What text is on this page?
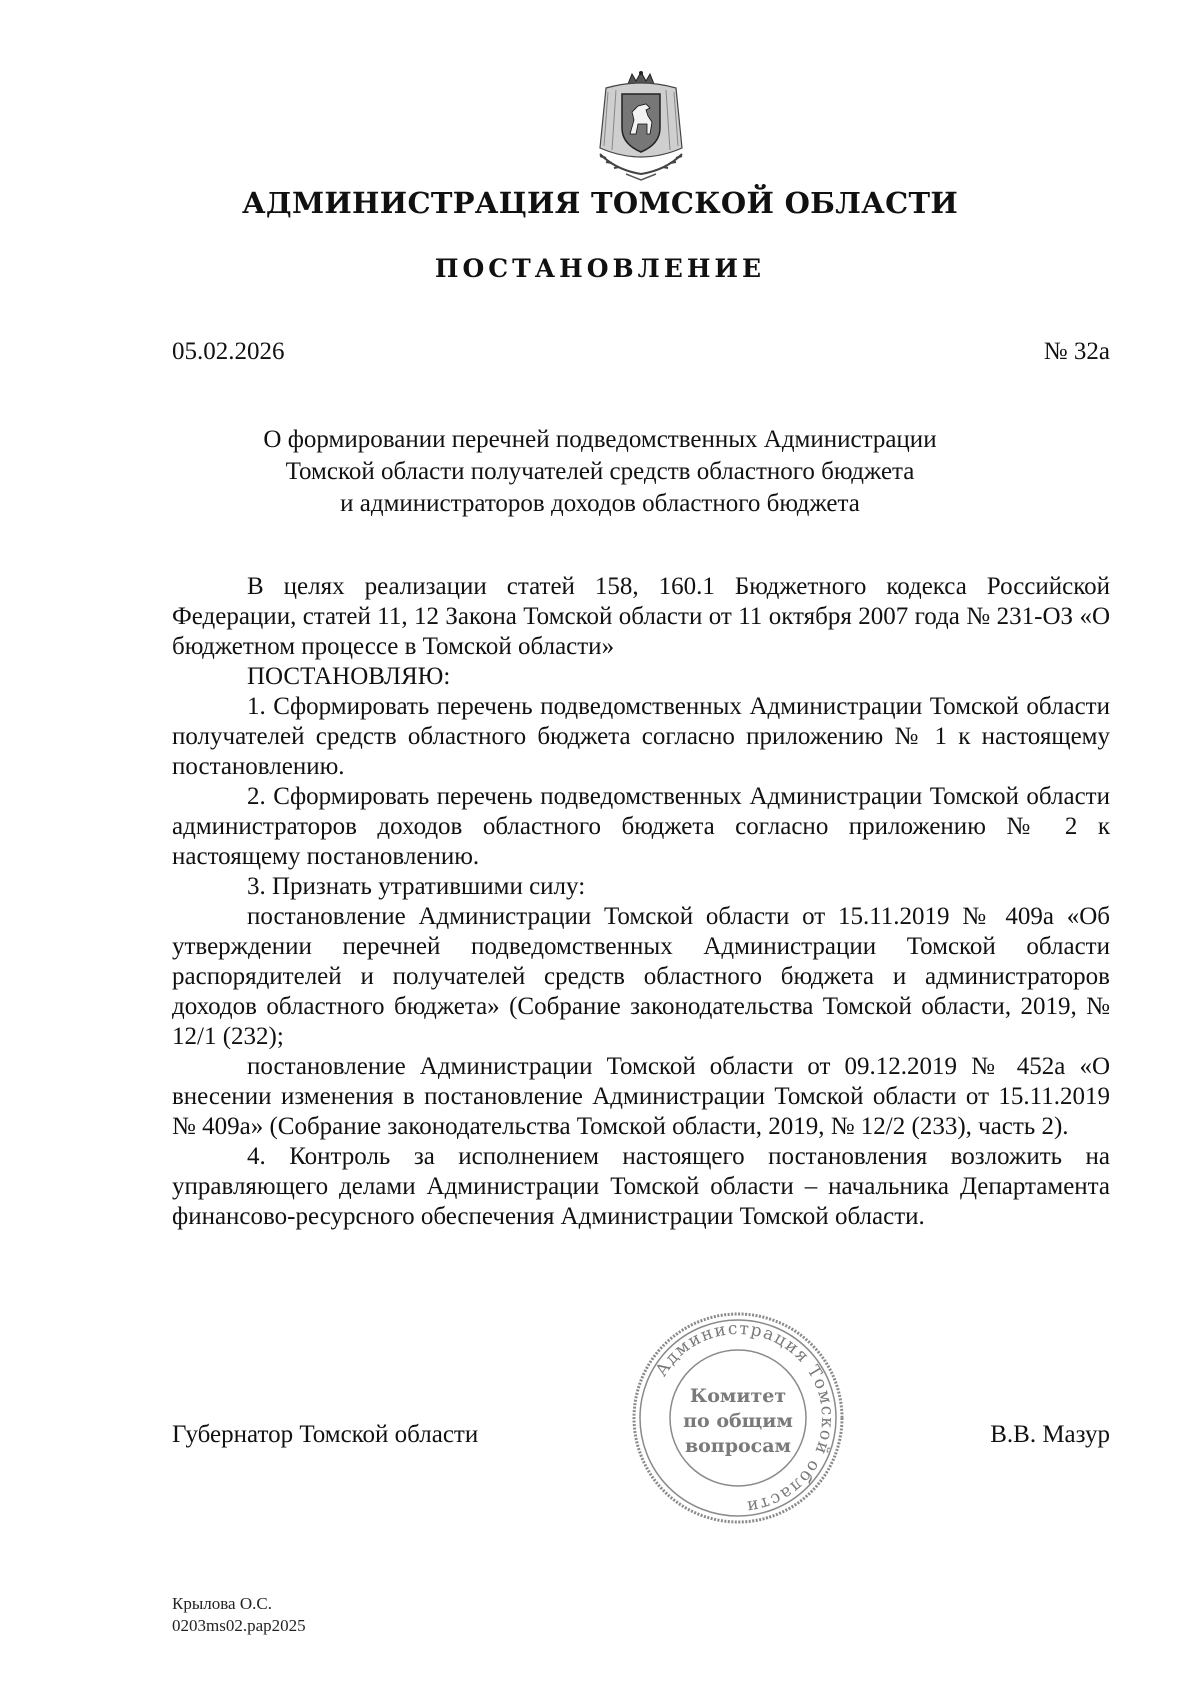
АДМИНИСТРАЦИЯ ТОМСКОЙ ОБЛАСТИ
ПОСТАНОВЛЕНИЕ
05.02.2026	№ 32а
О формировании перечней подведомственных Администрации
Томской области получателей средств областного бюджета
и администраторов доходов областного бюджета

В целях реализации статей 158, 160.1 Бюджетного кодекса Российской Федерации, статей 11, 12 Закона Томской области от 11 октября 2007 года № 231-ОЗ «О бюджетном процессе в Томской области»

ПОСТАНОВЛЯЮ:

1. Сформировать перечень подведомственных Администрации Томской области получателей средств областного бюджета согласно приложению № 1 к настоящему постановлению.

2. Сформировать перечень подведомственных Администрации Томской области администраторов доходов областного бюджета согласно приложению № 2 к настоящему постановлению.

3. Признать утратившими силу:

постановление Администрации Томской области от 15.11.2019 № 409а «Об утверждении перечней подведомственных Администрации Томской области распорядителей и получателей средств областного бюджета и администраторов доходов областного бюджета» (Собрание законодательства Томской области, 2019, № 12/1 (232);

постановление Администрации Томской области от 09.12.2019 № 452а «О внесении изменения в постановление Администрации Томской области от 15.11.2019 № 409а» (Собрание законодательства Томской области, 2019, № 12/2 (233), часть 2).

4. Контроль за исполнением настоящего постановления возложить на управляющего делами Администрации Томской области – начальника Департамента финансово-ресурсного обеспечения Администрации Томской области.

Губернатор Томской области
Администрация Томской области
Комитет
по общим
вопросам	В.В. Мазур
Крылова О.С.
0203ms02.pap2025
